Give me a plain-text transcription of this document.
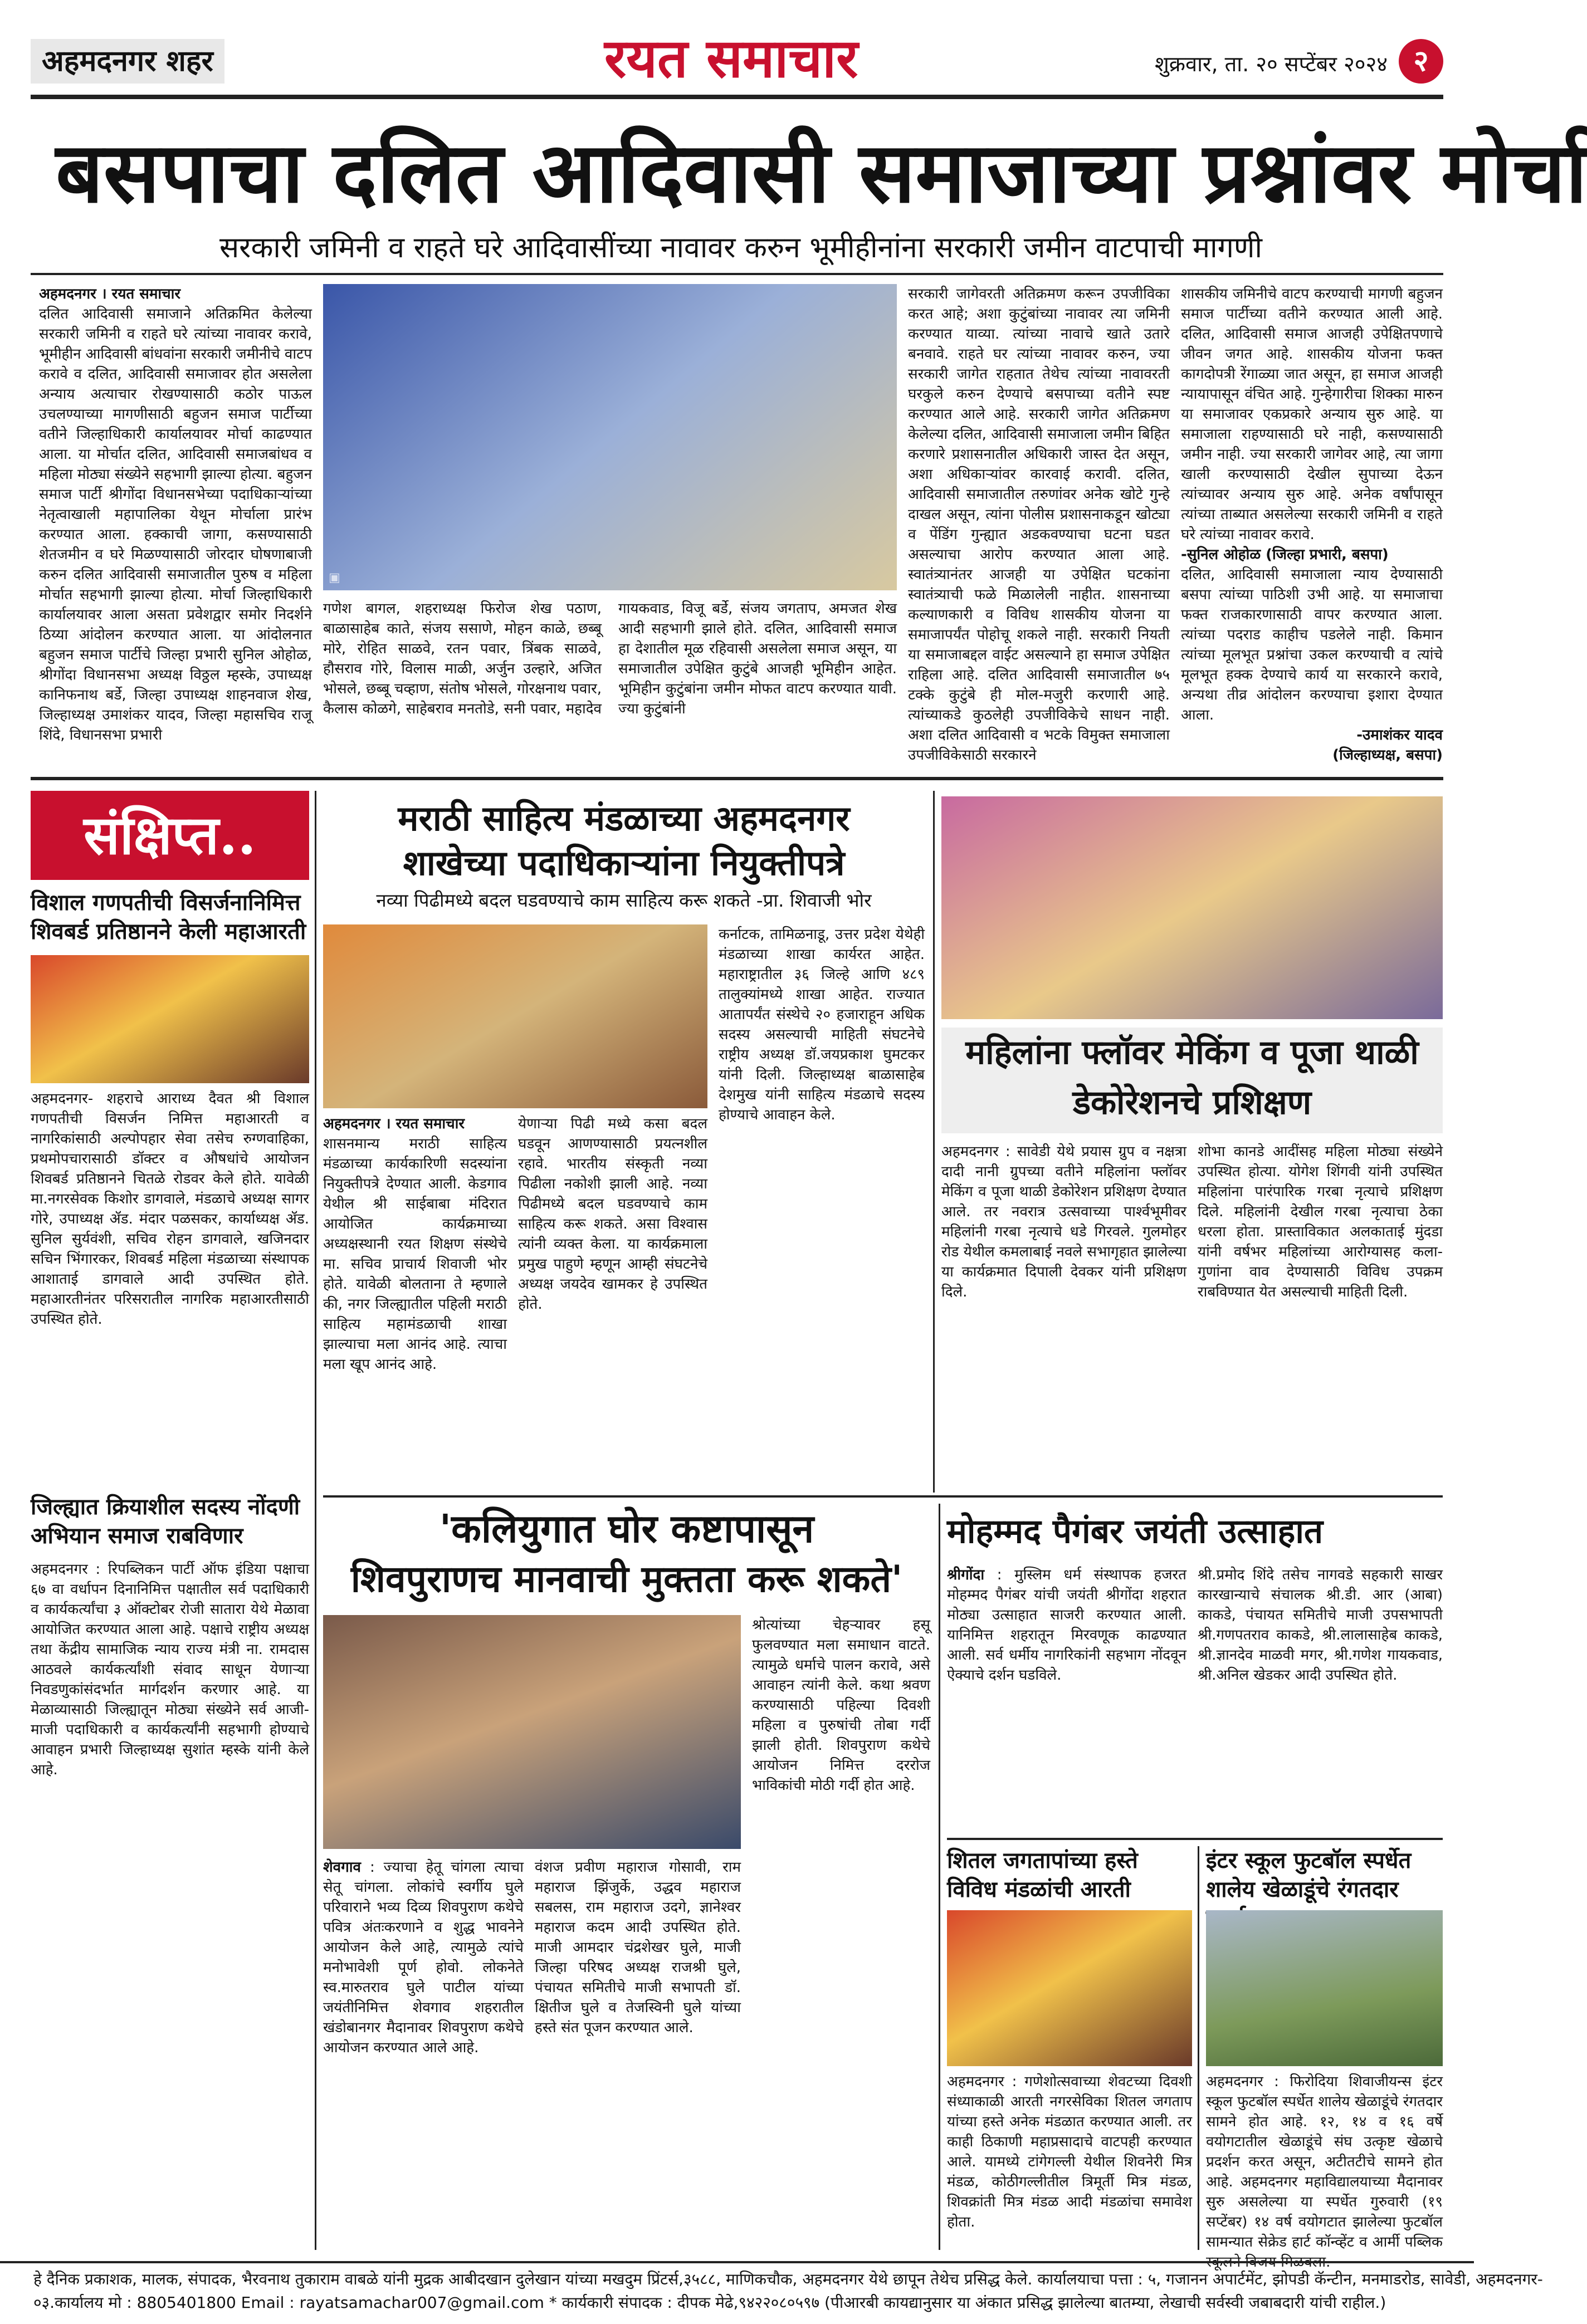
अहमदनगर शहर	रयत समाचार	शुक्रवार, ता. २० सप्टेंबर २०२४ २
बसपाचा दलित आदिवासी समाजाच्या प्रश्नांवर मोर्चा
सरकारी जमिनी व राहते घरे आदिवासींच्या नावावर करुन भूमीहीनांना सरकारी जमीन वाटपाची मागणी
अहमदनगर । रयत समाचार
दलित आदिवासी समाजाने अतिक्रमित केलेल्या सरकारी जमिनी व राहते घरे त्यांच्या नावावर करावे, भूमीहीन आदिवासी बांधवांना सरकारी जमीनीचे वाटप करावे व दलित, आदिवासी समाजावर होत असलेला अन्याय अत्याचार रोखण्यासाठी कठोर पाऊल उचलण्याच्या मागणीसाठी बहुजन समाज पार्टीच्या वतीने जिल्हाधिकारी कार्यालयावर मोर्चा काढण्यात आला. या मोर्चात दलित, आदिवासी समाजबांधव व महिला मोठ्या संख्येने सहभागी झाल्या होत्या. बहुजन समाज पार्टी श्रीगोंदा विधानसभेच्या पदाधिकाऱ्यांच्या नेतृत्वाखाली महापालिका येथून मोर्चाला प्रारंभ करण्यात आला. हक्काची जागा, कसण्यासाठी शेतजमीन व घरे मिळण्यासाठी जोरदार घोषणाबाजी करुन दलित आदिवासी समाजातील पुरुष व महिला मोर्चात सहभागी झाल्या होत्या. मोर्चा जिल्हाधिकारी कार्यालयावर आला असता प्रवेशद्वार समोर निदर्शने ठिय्या आंदोलन करण्यात आला. या आंदोलनात बहुजन समाज पार्टीचे जिल्हा प्रभारी सुनिल ओहोळ, श्रीगोंदा विधानसभा अध्यक्ष विठ्ठल म्हस्के, उपाध्यक्ष कानिफनाथ बर्डे, जिल्हा उपाध्यक्ष शाहनवाज शेख, जिल्हाध्यक्ष उमाशंकर यादव, जिल्हा महासचिव राजू शिंदे, विधानसभा प्रभारी
▣
गणेश बागल, शहराध्यक्ष फिरोज शेख पठाण, बाळासाहेब काते, संजय ससाणे, मोहन काळे, छब्बू मोरे, रोहित साळवे, रतन पवार, त्रिंबक साळवे, हौसराव गोरे, विलास माळी, अर्जुन उल्हारे, अजित भोसले, छब्बू चव्हाण, संतोष भोसले, गोरक्षनाथ पवार, कैलास कोळगे, साहेबराव मनतोडे, सनी पवार, महादेव गायकवाड, विजू बर्डे, संजय जगताप, अमजत शेख आदी सहभागी झाले होते. दलित, आदिवासी समाज हा देशातील मूळ रहिवासी असलेला समाज असून, या समाजातील उपेक्षित कुटुंबे आजही भूमिहीन आहेत. भूमिहीन कुटुंबांना जमीन मोफत वाटप करण्यात यावी. ज्या कुटुंबांनी
सरकारी जागेवरती अतिक्रमण करून उपजीविका करत आहे; अशा कुटुंबांच्या नावावर त्या जमिनी करण्यात याव्या. त्यांच्या नावाचे खाते उतारे बनवावे. राहते घर त्यांच्या नावावर करुन, ज्या सरकारी जागेत राहतात तेथेच त्यांच्या नावावरती घरकुले करुन देण्याचे बसपाच्या वतीने स्पष्ट करण्यात आले आहे. सरकारी जागेत अतिक्रमण केलेल्या दलित, आदिवासी समाजाला जमीन बिहित करणारे प्रशासनातील अधिकारी जास्त देत असून, अशा अधिकाऱ्यांवर कारवाई करावी. दलित, आदिवासी समाजातील तरुणांवर अनेक खोटे गुन्हे दाखल असून, त्यांना पोलीस प्रशासनाकडून खोट्या व पेंडिंग गुन्ह्यात अडकवण्याचा घटना घडत असल्याचा आरोप करण्यात आला आहे. स्वातंत्र्यानंतर आजही या उपेक्षित घटकांना स्वातंत्र्याची फळे मिळालेली नाहीत. शासनाच्या कल्याणकारी व विविध शासकीय योजना या समाजापर्यंत पोहोचू शकले नाही. सरकारी नियती या समाजाबद्दल वाईट असल्याने हा समाज उपेक्षित राहिला आहे. दलित आदिवासी समाजातील ७५ टक्के कुटुंबे ही मोल-मजुरी करणारी आहे. त्यांच्याकडे कुठलेही उपजीविकेचे साधन नाही. अशा दलित आदिवासी व भटके विमुक्त समाजाला उपजीविकेसाठी सरकारने
शासकीय जमिनीचे वाटप करण्याची मागणी बहुजन समाज पार्टीच्या वतीने करण्यात आली आहे. दलित, आदिवासी समाज आजही उपेक्षितपणाचे जीवन जगत आहे. शासकीय योजना फक्त कागदोपत्री रेंगाळ्या जात असून, हा समाज आजही न्यायापासून वंचित आहे. गुन्हेगारीचा शिक्का मारुन या समाजावर एकप्रकारे अन्याय सुरु आहे. या समाजाला राहण्यासाठी घरे नाही, कसण्यासाठी जमीन नाही. ज्या सरकारी जागेवर आहे, त्या जागा खाली करण्यासाठी देखील सुपाच्या देऊन त्यांच्यावर अन्याय सुरु आहे. अनेक वर्षांपासून त्यांच्या ताब्यात असलेल्या सरकारी जमिनी व राहते घरे त्यांच्या नावावर करावे.
-सुनिल ओहोळ (जिल्हा प्रभारी, बसपा)
दलित, आदिवासी समाजाला न्याय देण्यासाठी बसपा त्यांच्या पाठिशी उभी आहे. या समाजाचा फक्त राजकारणासाठी वापर करण्यात आला. त्यांच्या पदराड काहीच पडलेले नाही. किमान त्यांच्या मूलभूत प्रश्नांचा उकल करण्याची व त्यांचे मूलभूत हक्क देण्याचे कार्य या सरकारने करावे, अन्यथा तीव्र आंदोलन करण्याचा इशारा देण्यात आला.

-उमाशंकर यादव
(जिल्हाध्यक्ष, बसपा)
संक्षिप्त..
विशाल गणपतीची विसर्जनानिमित्त शिवबर्ड प्रतिष्ठानने केली महाआरती
अहमदनगर- शहराचे आराध्य दैवत श्री विशाल गणपतीची विसर्जन निमित्त महाआरती व नागरिकांसाठी अल्पोपहार सेवा तसेच रुग्णवाहिका, प्रथमोपचारासाठी डॉक्टर व औषधांचे आयोजन शिवबर्ड प्रतिष्ठानने चितळे रोडवर केले होते. यावेळी मा.नगरसेवक किशोर डागवाले, मंडळाचे अध्यक्ष सागर गोरे, उपाध्यक्ष ॲड. मंदार पळसकर, कार्याध्यक्ष ॲड. सुनिल सुर्यवंशी, सचिव रोहन डागवाले, खजिनदार सचिन भिंगारकर, शिवबर्ड महिला मंडळाच्या संस्थापक आशाताई डागवाले आदी उपस्थित होते. महाआरतीनंतर परिसरातील नागरिक महाआरतीसाठी उपस्थित होते.
जिल्ह्यात क्रियाशील सदस्य नोंदणी अभियान समाज राबविणार
अहमदनगर : रिपब्लिकन पार्टी ऑफ इंडिया पक्षाचा ६७ वा वर्धापन दिनानिमित्त पक्षातील सर्व पदाधिकारी व कार्यकर्त्यांचा ३ ऑक्टोबर रोजी सातारा येथे मेळावा आयोजित करण्यात आला आहे. पक्षाचे राष्ट्रीय अध्यक्ष तथा केंद्रीय सामाजिक न्याय राज्य मंत्री ना. रामदास आठवले कार्यकर्त्यांशी संवाद साधून येणाऱ्या निवडणुकांसंदर्भात मार्गदर्शन करणार आहे. या मेळाव्यासाठी जिल्ह्यातून मोठ्या संख्येने सर्व आजी-माजी पदाधिकारी व कार्यकर्त्यांनी सहभागी होण्याचे आवाहन प्रभारी जिल्हाध्यक्ष सुशांत म्हस्के यांनी केले आहे.
मराठी साहित्य मंडळाच्या अहमदनगर
शाखेच्या पदाधिकाऱ्यांना नियुक्तीपत्रे
नव्या पिढीमध्ये बदल घडवण्याचे काम साहित्य करू शकते -प्रा. शिवाजी भोर
कर्नाटक, तामिळनाडू, उत्तर प्रदेश येथेही मंडळाच्या शाखा कार्यरत आहेत. महाराष्ट्रातील ३६ जिल्हे आणि ४८९ तालुक्यांमध्ये शाखा आहेत. राज्यात आतापर्यंत संस्थेचे २० हजाराहून अधिक सदस्य असल्याची माहिती संघटनेचे राष्ट्रीय अध्यक्ष डॉ.जयप्रकाश घुमटकर यांनी दिली. जिल्हाध्यक्ष बाळासाहेब देशमुख यांनी साहित्य मंडळाचे सदस्य होण्याचे आवाहन केले.
अहमदनगर । रयत समाचार
शासनमान्य मराठी साहित्य मंडळाच्या कार्यकारिणी सदस्यांना नियुक्तीपत्रे देण्यात आली. केडगाव येथील श्री साईबाबा मंदिरात आयोजित कार्यक्रमाच्या अध्यक्षस्थानी रयत शिक्षण संस्थेचे मा. सचिव प्राचार्य शिवाजी भोर होते. यावेळी बोलताना ते म्हणाले की, नगर जिल्ह्यातील पहिली मराठी साहित्य महामंडळाची शाखा झाल्याचा मला आनंद आहे. त्याचा मला खूप आनंद आहे.
येणाऱ्या पिढी मध्ये कसा बदल घडवून आणण्यासाठी प्रयत्नशील रहावे. भारतीय संस्कृती नव्या पिढीला नकोशी झाली आहे. नव्या पिढीमध्ये बदल घडवण्याचे काम साहित्य करू शकते. असा विश्वास त्यांनी व्यक्त केला. या कार्यक्रमाला प्रमुख पाहुणे म्हणून आम्ही संघटनेचे अध्यक्ष जयदेव खामकर हे उपस्थित होते.
महिलांना फ्लॉवर मेकिंग व पूजा थाळी डेकोरेशनचे प्रशिक्षण
अहमदनगर : सावेडी येथे प्रयास ग्रुप व नक्षत्रा दादी नानी ग्रुपच्या वतीने महिलांना फ्लॉवर मेकिंग व पूजा थाळी डेकोरेशन प्रशिक्षण देण्यात आले. तर नवरात्र उत्सवाच्या पार्श्वभूमीवर महिलांनी गरबा नृत्याचे धडे गिरवले. गुलमोहर रोड येथील कमलाबाई नवले सभागृहात झालेल्या या कार्यक्रमात दिपाली देवकर यांनी प्रशिक्षण दिले.
शोभा कानडे आदींसह महिला मोठ्या संख्येने उपस्थित होत्या. योगेश शिंगवी यांनी उपस्थित महिलांना पारंपारिक गरबा नृत्याचे प्रशिक्षण दिले. महिलांनी देखील गरबा नृत्याचा ठेका धरला होता. प्रास्ताविकात अलकाताई मुंदडा यांनी वर्षभर महिलांच्या आरोग्यासह कला-गुणांना वाव देण्यासाठी विविध उपक्रम राबविण्यात येत असल्याची माहिती दिली.
'कलियुगात घोर कष्टापासून
शिवपुराणच मानवाची मुक्तता करू शकते'
श्रोत्यांच्या चेहऱ्यावर हसू फुलवण्यात मला समाधान वाटते. त्यामुळे धर्माचे पालन करावे, असे आवाहन त्यांनी केले. कथा श्रवण करण्यासाठी पहिल्या दिवशी महिला व पुरुषांची तोबा गर्दी झाली होती. शिवपुराण कथेचे आयोजन निमित्त दररोज भाविकांची मोठी गर्दी होत आहे.
शेवगाव : ज्याचा हेतू चांगला त्याचा सेतू चांगला. लोकांचे स्वर्गीय घुले परिवाराने भव्य दिव्य शिवपुराण कथेचे पवित्र अंतःकरणाने व शुद्ध भावनेने आयोजन केले आहे, त्यामुळे त्यांचे मनोभावेशी पूर्ण होवो. लोकनेते स्व.मारुतराव घुले पाटील यांच्या जयंतीनिमित्त शेवगाव शहरातील खंडोबानगर मैदानावर शिवपुराण कथेचे आयोजन करण्यात आले आहे.
वंशज प्रवीण महाराज गोसावी, राम महाराज झिंजुर्के, उद्धव महाराज सबलस, राम महाराज उदगे, ज्ञानेश्वर महाराज कदम आदी उपस्थित होते. माजी आमदार चंद्रशेखर घुले, माजी जिल्हा परिषद अध्यक्ष राजश्री घुले, पंचायत समितीचे माजी सभापती डॉ. क्षितीज घुले व तेजस्विनी घुले यांच्या हस्ते संत पूजन करण्यात आले.
मोहम्मद पैगंबर जयंती उत्साहात
श्रीगोंदा : मुस्लिम धर्म संस्थापक हजरत मोहम्मद पैगंबर यांची जयंती श्रीगोंदा शहरात मोठ्या उत्साहात साजरी करण्यात आली. यानिमित्त शहरातून मिरवणूक काढण्यात आली. सर्व धर्मीय नागरिकांनी सहभाग नोंदवून ऐक्याचे दर्शन घडविले.
श्री.प्रमोद शिंदे तसेच नागवडे सहकारी साखर कारखान्याचे संचालक श्री.डी. आर (आबा) काकडे, पंचायत समितीचे माजी उपसभापती श्री.गणपतराव काकडे, श्री.लालासाहेब काकडे, श्री.ज्ञानदेव माळवी मगर, श्री.गणेश गायकवाड, श्री.अनिल खेडकर आदी उपस्थित होते.
शितल जगतापांच्या हस्ते विविध मंडळांची आरती
अहमदनगर : गणेशोत्सवाच्या शेवटच्या दिवशी संध्याकाळी आरती नगरसेविका शितल जगताप यांच्या हस्ते अनेक मंडळात करण्यात आली. तर काही ठिकाणी महाप्रसादाचे वाटपही करण्यात आले. यामध्ये टांगेगल्ली येथील शिवनेरी मित्र मंडळ, कोठीगल्लीतील त्रिमूर्ती मित्र मंडळ, शिवक्रांती मित्र मंडळ आदी मंडळांचा समावेश होता.
इंटर स्कूल फुटबॉल स्पर्धेत शालेय खेळाडूंचे रंगतदार
अहमदनगर : फिरोदिया शिवाजीयन्स इंटर स्कूल फुटबॉल स्पर्धेत शालेय खेळाडूंचे रंगतदार सामने होत आहे. १२, १४ व १६ वर्षे वयोगटातील खेळाडूंचे संघ उत्कृष्ट खेळाचे प्रदर्शन करत असून, अटीतटीचे सामने होत आहे. अहमदनगर महाविद्यालयाच्या मैदानावर सुरु असलेल्या या स्पर्धेत गुरुवारी (१९ सप्टेंबर) १४ वर्ष वयोगटात झालेल्या फुटबॉल सामन्यात सेक्रेड हार्ट कॉन्व्हेंट व आर्मी पब्लिक स्कूलने विजय मिळवला.
हे दैनिक प्रकाशक, मालक, संपादक, भैरवनाथ तुकाराम वाबळे यांनी मुद्रक आबीदखान दुलेखान यांच्या मखदुम प्रिंटर्स,३५८८, माणिकचौक, अहमदनगर येथे छापून तेथेच प्रसिद्ध केले. कार्यालयाचा पत्ता : ५, गजानन अपार्टमेंट, झोपडी कॅन्टीन, मनमाडरोड, सावेडी, अहमदनगर-
०३.कार्यालय मो : 8805401800 Email : rayatsamachar007@gmail.com * कार्यकारी संपादक : दीपक मेढे,९४२२०८०५९७ (पीआरबी कायद्यानुसार या अंकात प्रसिद्ध झालेल्या बातम्या, लेखाची सर्वस्वी जबाबदारी यांची राहील.)
